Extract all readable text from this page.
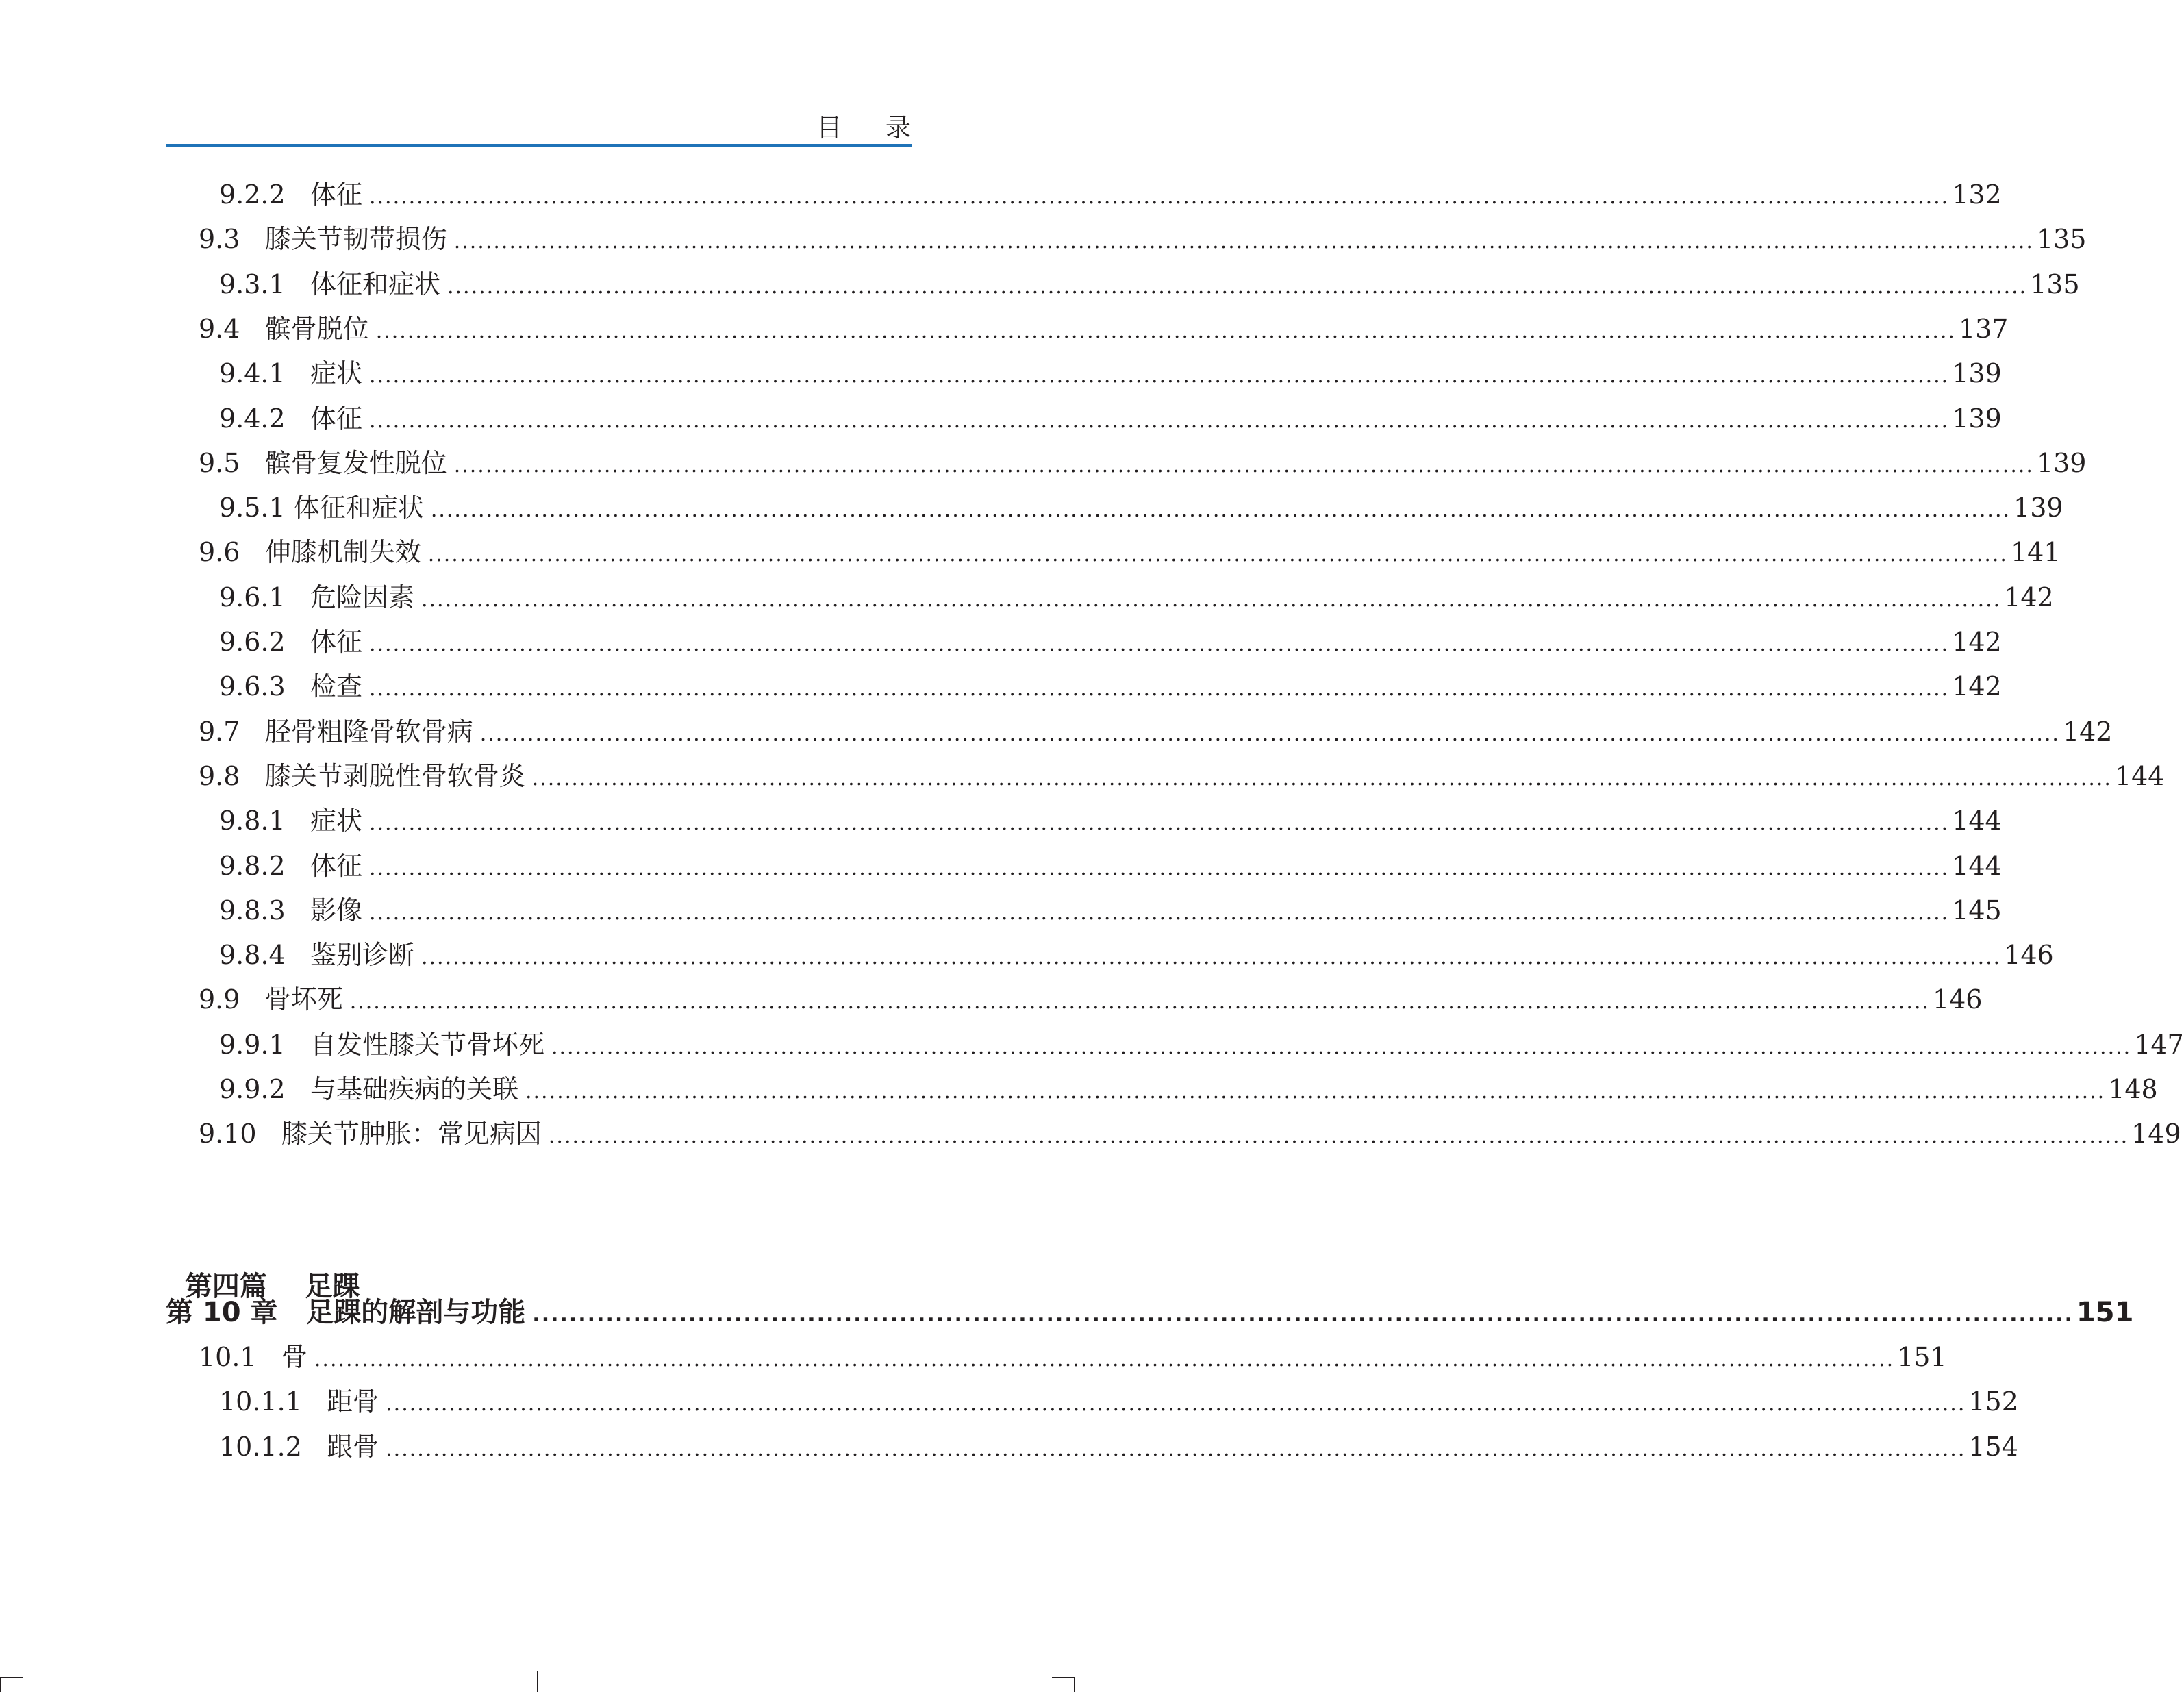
目 录
9.2.2
体征 ........................................................................................................................................................................................................ 132
9.3
膝关节韧带损伤 ........................................................................................................................................................................................................ 135
9.3.1
体征和症状 ........................................................................................................................................................................................................ 135
9.4
髌骨脱位 ........................................................................................................................................................................................................ 137
9.4.1
症状 ........................................................................................................................................................................................................ 139
9.4.2
体征 ........................................................................................................................................................................................................ 139
9.5
髌骨复发性脱位 ........................................................................................................................................................................................................ 139
9.5.1
体征和症状 ........................................................................................................................................................................................................ 139
9.6
伸膝机制失效 ........................................................................................................................................................................................................ 141
9.6.1
危险因素 ........................................................................................................................................................................................................ 142
9.6.2
体征 ........................................................................................................................................................................................................ 142
9.6.3
检查 ........................................................................................................................................................................................................ 142
9.7
胫骨粗隆骨软骨病 ........................................................................................................................................................................................................ 142
9.8
膝关节剥脱性骨软骨炎 ........................................................................................................................................................................................................ 144
9.8.1
症状 ........................................................................................................................................................................................................ 144
9.8.2
体征 ........................................................................................................................................................................................................ 144
9.8.3
影像 ........................................................................................................................................................................................................ 145
9.8.4
鉴别诊断 ........................................................................................................................................................................................................ 146
9.9
骨坏死 ........................................................................................................................................................................................................ 146
9.9.1
自发性膝关节骨坏死 ........................................................................................................................................................................................................ 147
9.9.2
与基础疾病的关联 ........................................................................................................................................................................................................ 148
9.10
膝关节肿胀：常见病因 ........................................................................................................................................................................................................ 149

第四篇 足踝

第 10 章
足踝的解剖与功能 ........................................................................................................................................................................ 151
10.1
骨 ........................................................................................................................................................................................................ 151
10.1.1
距骨 ........................................................................................................................................................................................................ 152
10.1.2
跟骨 ........................................................................................................................................................................................................ 154
